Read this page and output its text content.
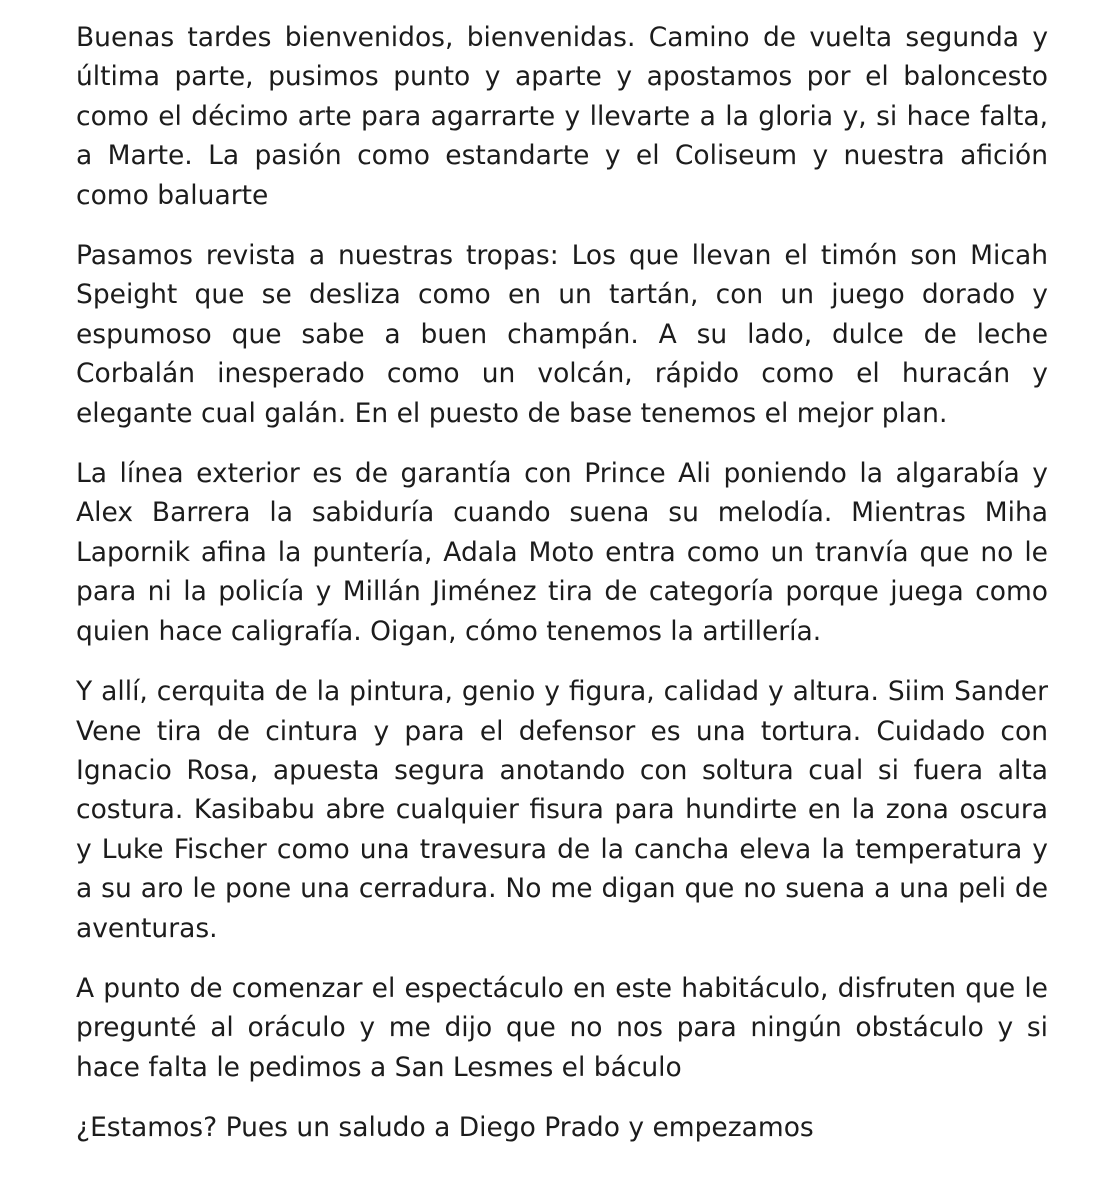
Buenas tardes bienvenidos, bienvenidas. Camino de vuelta segunda y última parte, pusimos punto y aparte y apostamos por el baloncesto como el décimo arte para agarrarte y llevarte a la gloria y, si hace falta, a Marte. La pasión como estandarte y el Coliseum y nuestra afición como baluarte

Pasamos revista a nuestras tropas: Los que llevan el timón son Micah Speight que se desliza como en un tartán, con un juego dorado y espumoso que sabe a buen champán. A su lado, dulce de leche Corbalán inesperado como un volcán, rápido como el huracán y elegante cual galán. En el puesto de base tenemos el mejor plan.

La línea exterior es de garantía con Prince Ali poniendo la algarabía y Alex Barrera la sabiduría cuando suena su melodía. Mientras Miha Lapornik afina la puntería, Adala Moto entra como un tranvía que no le para ni la policía y Millán Jiménez tira de categoría porque juega como quien hace caligrafía. Oigan, cómo tenemos la artillería.

Y allí, cerquita de la pintura, genio y figura, calidad y altura. Siim Sander Vene tira de cintura y para el defensor es una tortura. Cuidado con Ignacio Rosa, apuesta segura anotando con soltura cual si fuera alta costura. Kasibabu abre cualquier fisura para hundirte en la zona oscura y Luke Fischer como una travesura de la cancha eleva la temperatura y a su aro le pone una cerradura. No me digan que no suena a una peli de aventuras.

A punto de comenzar el espectáculo en este habitáculo, disfruten que le pregunté al oráculo y me dijo que no nos para ningún obstáculo y si hace falta le pedimos a San Lesmes el báculo

¿Estamos? Pues un saludo a Diego Prado y empezamos
